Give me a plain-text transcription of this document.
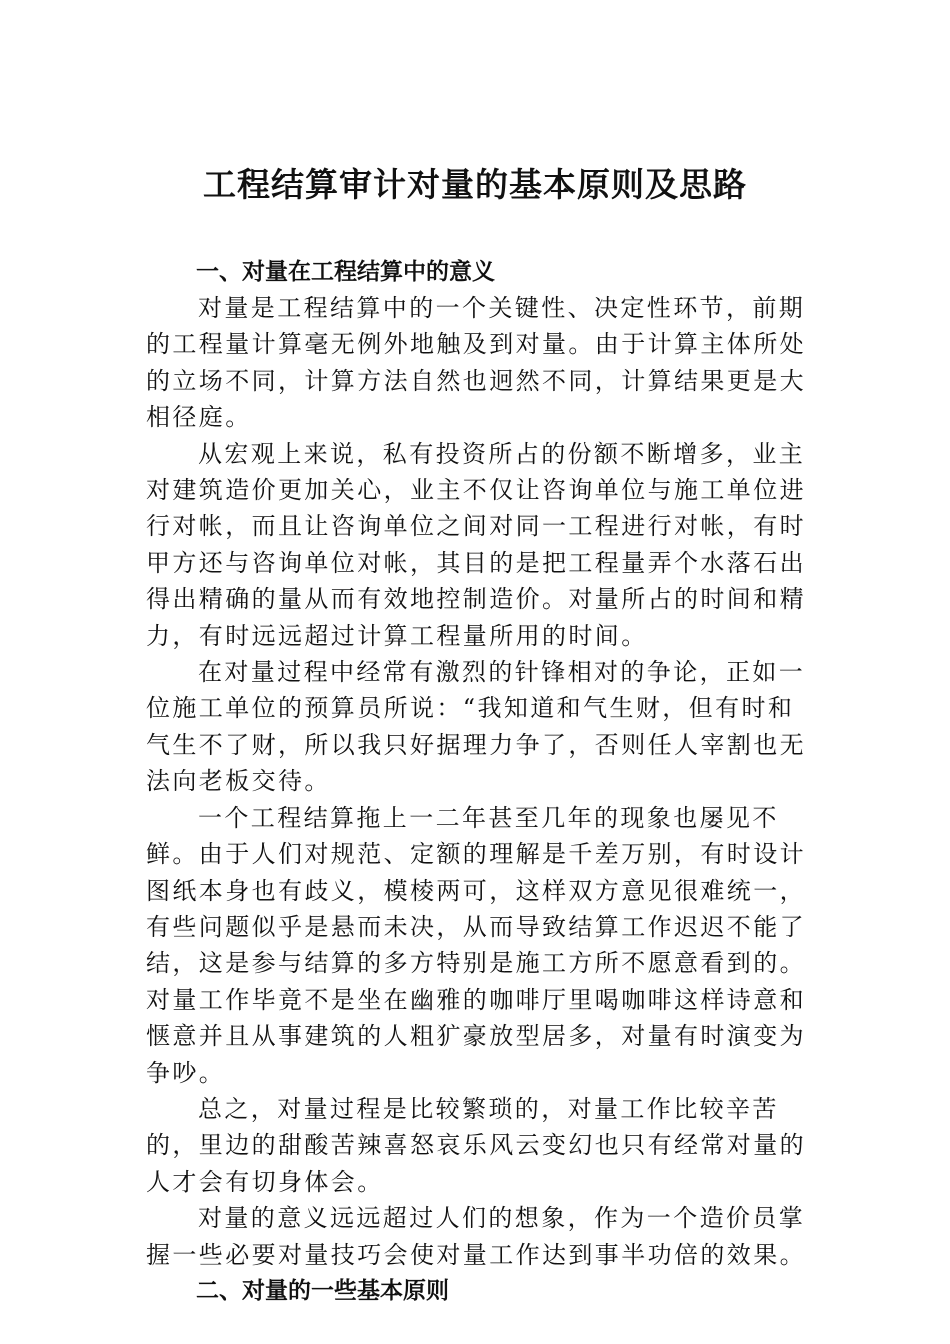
工程结算审计对量的基本原则及思路

一、对量在工程结算中的意义

对量是工程结算中的一个关键性、决定性环节，前期的工程量计算毫无例外地触及到对量。由于计算主体所处的立场不同，计算方法自然也迥然不同，计算结果更是大相径庭。

从宏观上来说，私有投资所占的份额不断增多，业主对建筑造价更加关心，业主不仅让咨询单位与施工单位进行对帐，而且让咨询单位之间对同一工程进行对帐，有时甲方还与咨询单位对帐，其目的是把工程量弄个水落石出得出精确的量从而有效地控制造价。对量所占的时间和精力，有时远远超过计算工程量所用的时间。

在对量过程中经常有激烈的针锋相对的争论，正如一位施工单位的预算员所说：“我知道和气生财，但有时和气生不了财，所以我只好据理力争了，否则任人宰割也无法向老板交待。

一个工程结算拖上一二年甚至几年的现象也屡见不鲜。由于人们对规范、定额的理解是千差万别，有时设计图纸本身也有歧义，模棱两可，这样双方意见很难统一，有些问题似乎是悬而未决，从而导致结算工作迟迟不能了结，这是参与结算的多方特别是施工方所不愿意看到的。对量工作毕竟不是坐在幽雅的咖啡厅里喝咖啡这样诗意和惬意并且从事建筑的人粗犷豪放型居多，对量有时演变为争吵。

总之，对量过程是比较繁琐的，对量工作比较辛苦的，里边的甜酸苦辣喜怒哀乐风云变幻也只有经常对量的人才会有切身体会。

对量的意义远远超过人们的想象，作为一个造价员掌握一些必要对量技巧会使对量工作达到事半功倍的效果。

二、对量的一些基本原则
